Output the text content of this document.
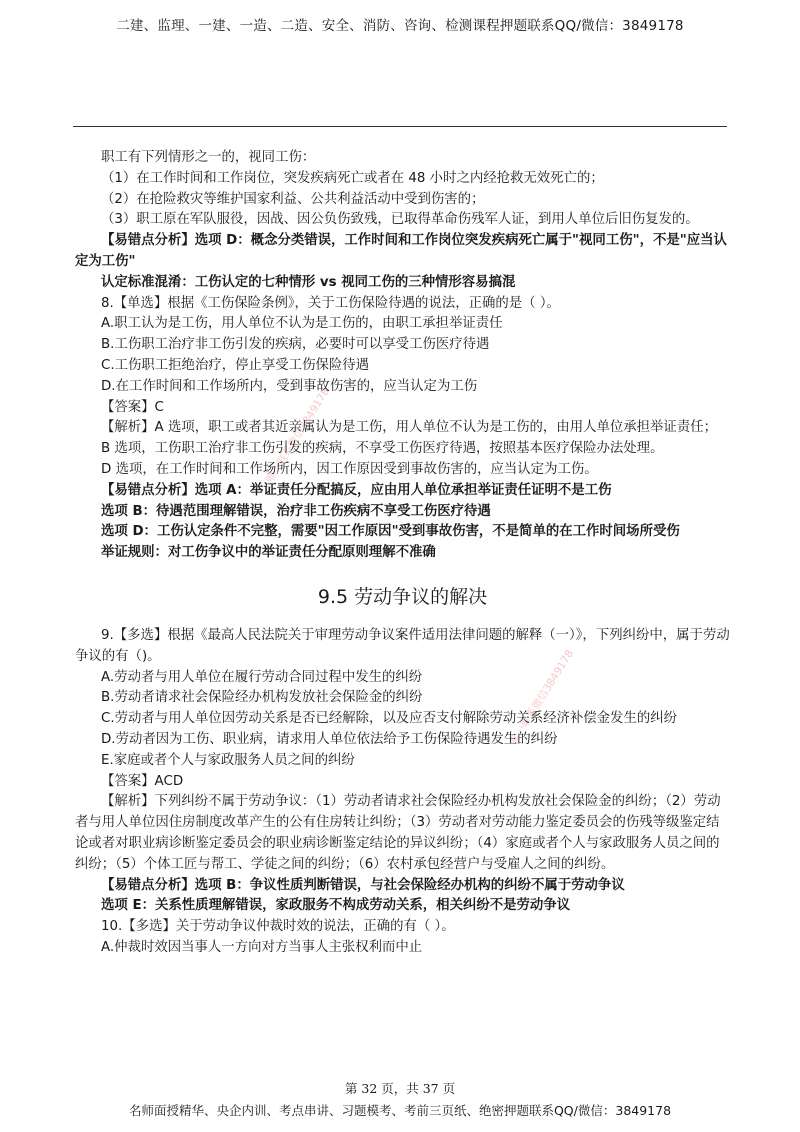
二建、监理、一建、一造、二造、安全、消防、咨询、检测课程押题联系QQ/微信：3849178
唯一联系微信3849178
唯一联系微信3849178

职工有下列情形之一的，视同工伤：

（1）在工作时间和工作岗位，突发疾病死亡或者在 48 小时之内经抢救无效死亡的；

（2）在抢险救灾等维护国家利益、公共利益活动中受到伤害的；

（3）职工原在军队服役，因战、因公负伤致残，已取得革命伤残军人证，到用人单位后旧伤复发的。

【易错点分析】选项 D：概念分类错误，工作时间和工作岗位突发疾病死亡属于"视同工伤"，不是"应当认定为工伤"

认定标准混淆：工伤认定的七种情形 vs 视同工伤的三种情形容易搞混

8.【单选】根据《工伤保险条例》，关于工伤保险待遇的说法，正确的是（ ）。

A.职工认为是工伤，用人单位不认为是工伤的，由职工承担举证责任

B.工伤职工治疗非工伤引发的疾病，必要时可以享受工伤医疗待遇

C.工伤职工拒绝治疗，停止享受工伤保险待遇

D.在工作时间和工作场所内，受到事故伤害的，应当认定为工伤

【答案】C

【解析】A 选项，职工或者其近亲属认为是工伤，用人单位不认为是工伤的，由用人单位承担举证责任；

B 选项，工伤职工治疗非工伤引发的疾病，不享受工伤医疗待遇，按照基本医疗保险办法处理。

D 选项，在工作时间和工作场所内，因工作原因受到事故伤害的，应当认定为工伤。

【易错点分析】选项 A：举证责任分配搞反，应由用人单位承担举证责任证明不是工伤

选项 B：待遇范围理解错误，治疗非工伤疾病不享受工伤医疗待遇

选项 D：工伤认定条件不完整，需要"因工作原因"受到事故伤害，不是简单的在工作时间场所受伤

举证规则：对工伤争议中的举证责任分配原则理解不准确

9.5 劳动争议的解决

9.【多选】根据《最高人民法院关于审理劳动争议案件适用法律问题的解释（一）》，下列纠纷中，属于劳动争议的有（)。

A.劳动者与用人单位在履行劳动合同过程中发生的纠纷

B.劳动者请求社会保险经办机构发放社会保险金的纠纷

C.劳动者与用人单位因劳动关系是否已经解除，以及应否支付解除劳动关系经济补偿金发生的纠纷

D.劳动者因为工伤、职业病，请求用人单位依法给予工伤保险待遇发生的纠纷

E.家庭或者个人与家政服务人员之间的纠纷

【答案】ACD

【解析】下列纠纷不属于劳动争议：（1）劳动者请求社会保险经办机构发放社会保险金的纠纷；（2）劳动者与用人单位因住房制度改革产生的公有住房转让纠纷；（3）劳动者对劳动能力鉴定委员会的伤残等级鉴定结论或者对职业病诊断鉴定委员会的职业病诊断鉴定结论的异议纠纷；（4）家庭或者个人与家政服务人员之间的纠纷；（5）个体工匠与帮工、学徒之间的纠纷；（6）农村承包经营户与受雇人之间的纠纷。

【易错点分析】选项 B：争议性质判断错误，与社会保险经办机构的纠纷不属于劳动争议

选项 E：关系性质理解错误，家政服务不构成劳动关系，相关纠纷不是劳动争议

10.【多选】关于劳动争议仲裁时效的说法，正确的有（ ）。

A.仲裁时效因当事人一方向对方当事人主张权利而中止

第 32 页，共 37 页
名师面授精华、央企内训、考点串讲、习题模考、考前三页纸、绝密押题联系QQ/微信：3849178
